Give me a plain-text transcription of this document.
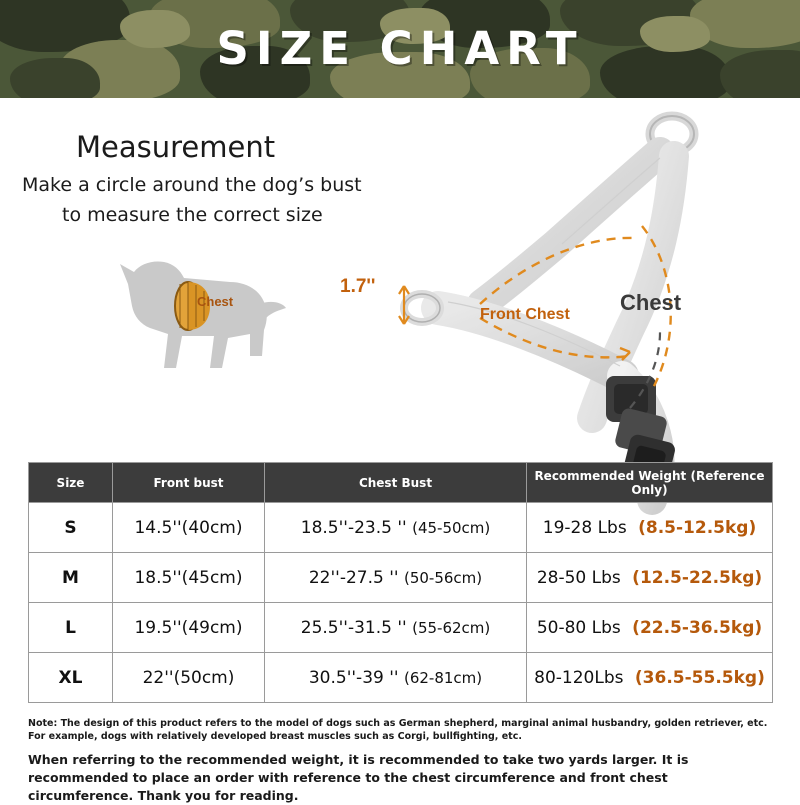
SIZE CHART
Measurement
Make a circle around the dog’s bust
to measure the correct size
Chest
1.7''
Front Chest Chest
Size	Front bust	Chest Bust	Recommended Weight (Reference Only)
S	14.5''(40cm)	18.5''-23.5 '' (45-50cm)	19-28 Lbs (8.5-12.5kg)
M	18.5''(45cm)	22''-27.5 '' (50-56cm)	28-50 Lbs (12.5-22.5kg)
L	19.5''(49cm)	25.5''-31.5 '' (55-62cm)	50-80 Lbs (22.5-36.5kg)
XL	22''(50cm)	30.5''-39 '' (62-81cm)	80-120Lbs (36.5-55.5kg)
Note: The design of this product refers to the model of dogs such as German shepherd, marginal animal husbandry, golden retriever, etc. For example, dogs with relatively developed breast muscles such as Corgi, bullfighting, etc.
When referring to the recommended weight, it is recommended to take two yards larger. It is recommended to place an order with reference to the chest circumference and front chest circumference. Thank you for reading.
